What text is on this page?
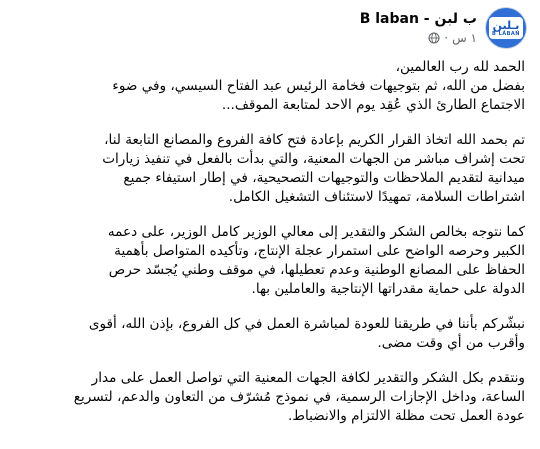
بـلبن
B LABAN
ب لبن - B laban
١ س
·

الحمد لله رب العالمين،
بفضل من الله، ثم بتوجيهات فخامة الرئيس عبد الفتاح السيسي، وفي ضوء
الاجتماع الطارئ الذي عُقِد يوم الاحد لمتابعة الموقف...

تم بحمد الله اتخاذ القرار الكريم بإعادة فتح كافة الفروع والمصانع التابعة لنا،
تحت إشراف مباشر من الجهات المعنية، والتي بدأت بالفعل في تنفيذ زيارات
ميدانية لتقديم الملاحظات والتوجيهات التصحيحية، في إطار استيفاء جميع
اشتراطات السلامة، تمهيدًا لاستئناف التشغيل الكامل.

كما نتوجه بخالص الشكر والتقدير إلى معالي الوزير كامل الوزير، على دعمه
الكبير وحرصه الواضح على استمرار عجلة الإنتاج، وتأكيده المتواصل بأهمية
الحفاظ على المصانع الوطنية وعدم تعطيلها، في موقف وطني يُجسّد حرص
الدولة على حماية مقدراتها الإنتاجية والعاملين بها.

نبشّركم بأننا في طريقنا للعودة لمباشرة العمل في كل الفروع، بإذن الله، أقوى
وأقرب من أي وقت مضى.

ونتقدم بكل الشكر والتقدير لكافة الجهات المعنية التي تواصل العمل على مدار
الساعة، وداخل الإجازات الرسمية، في نموذج مُشرّف من التعاون والدعم، لتسريع
عودة العمل تحت مظلة الالتزام والانضباط.
